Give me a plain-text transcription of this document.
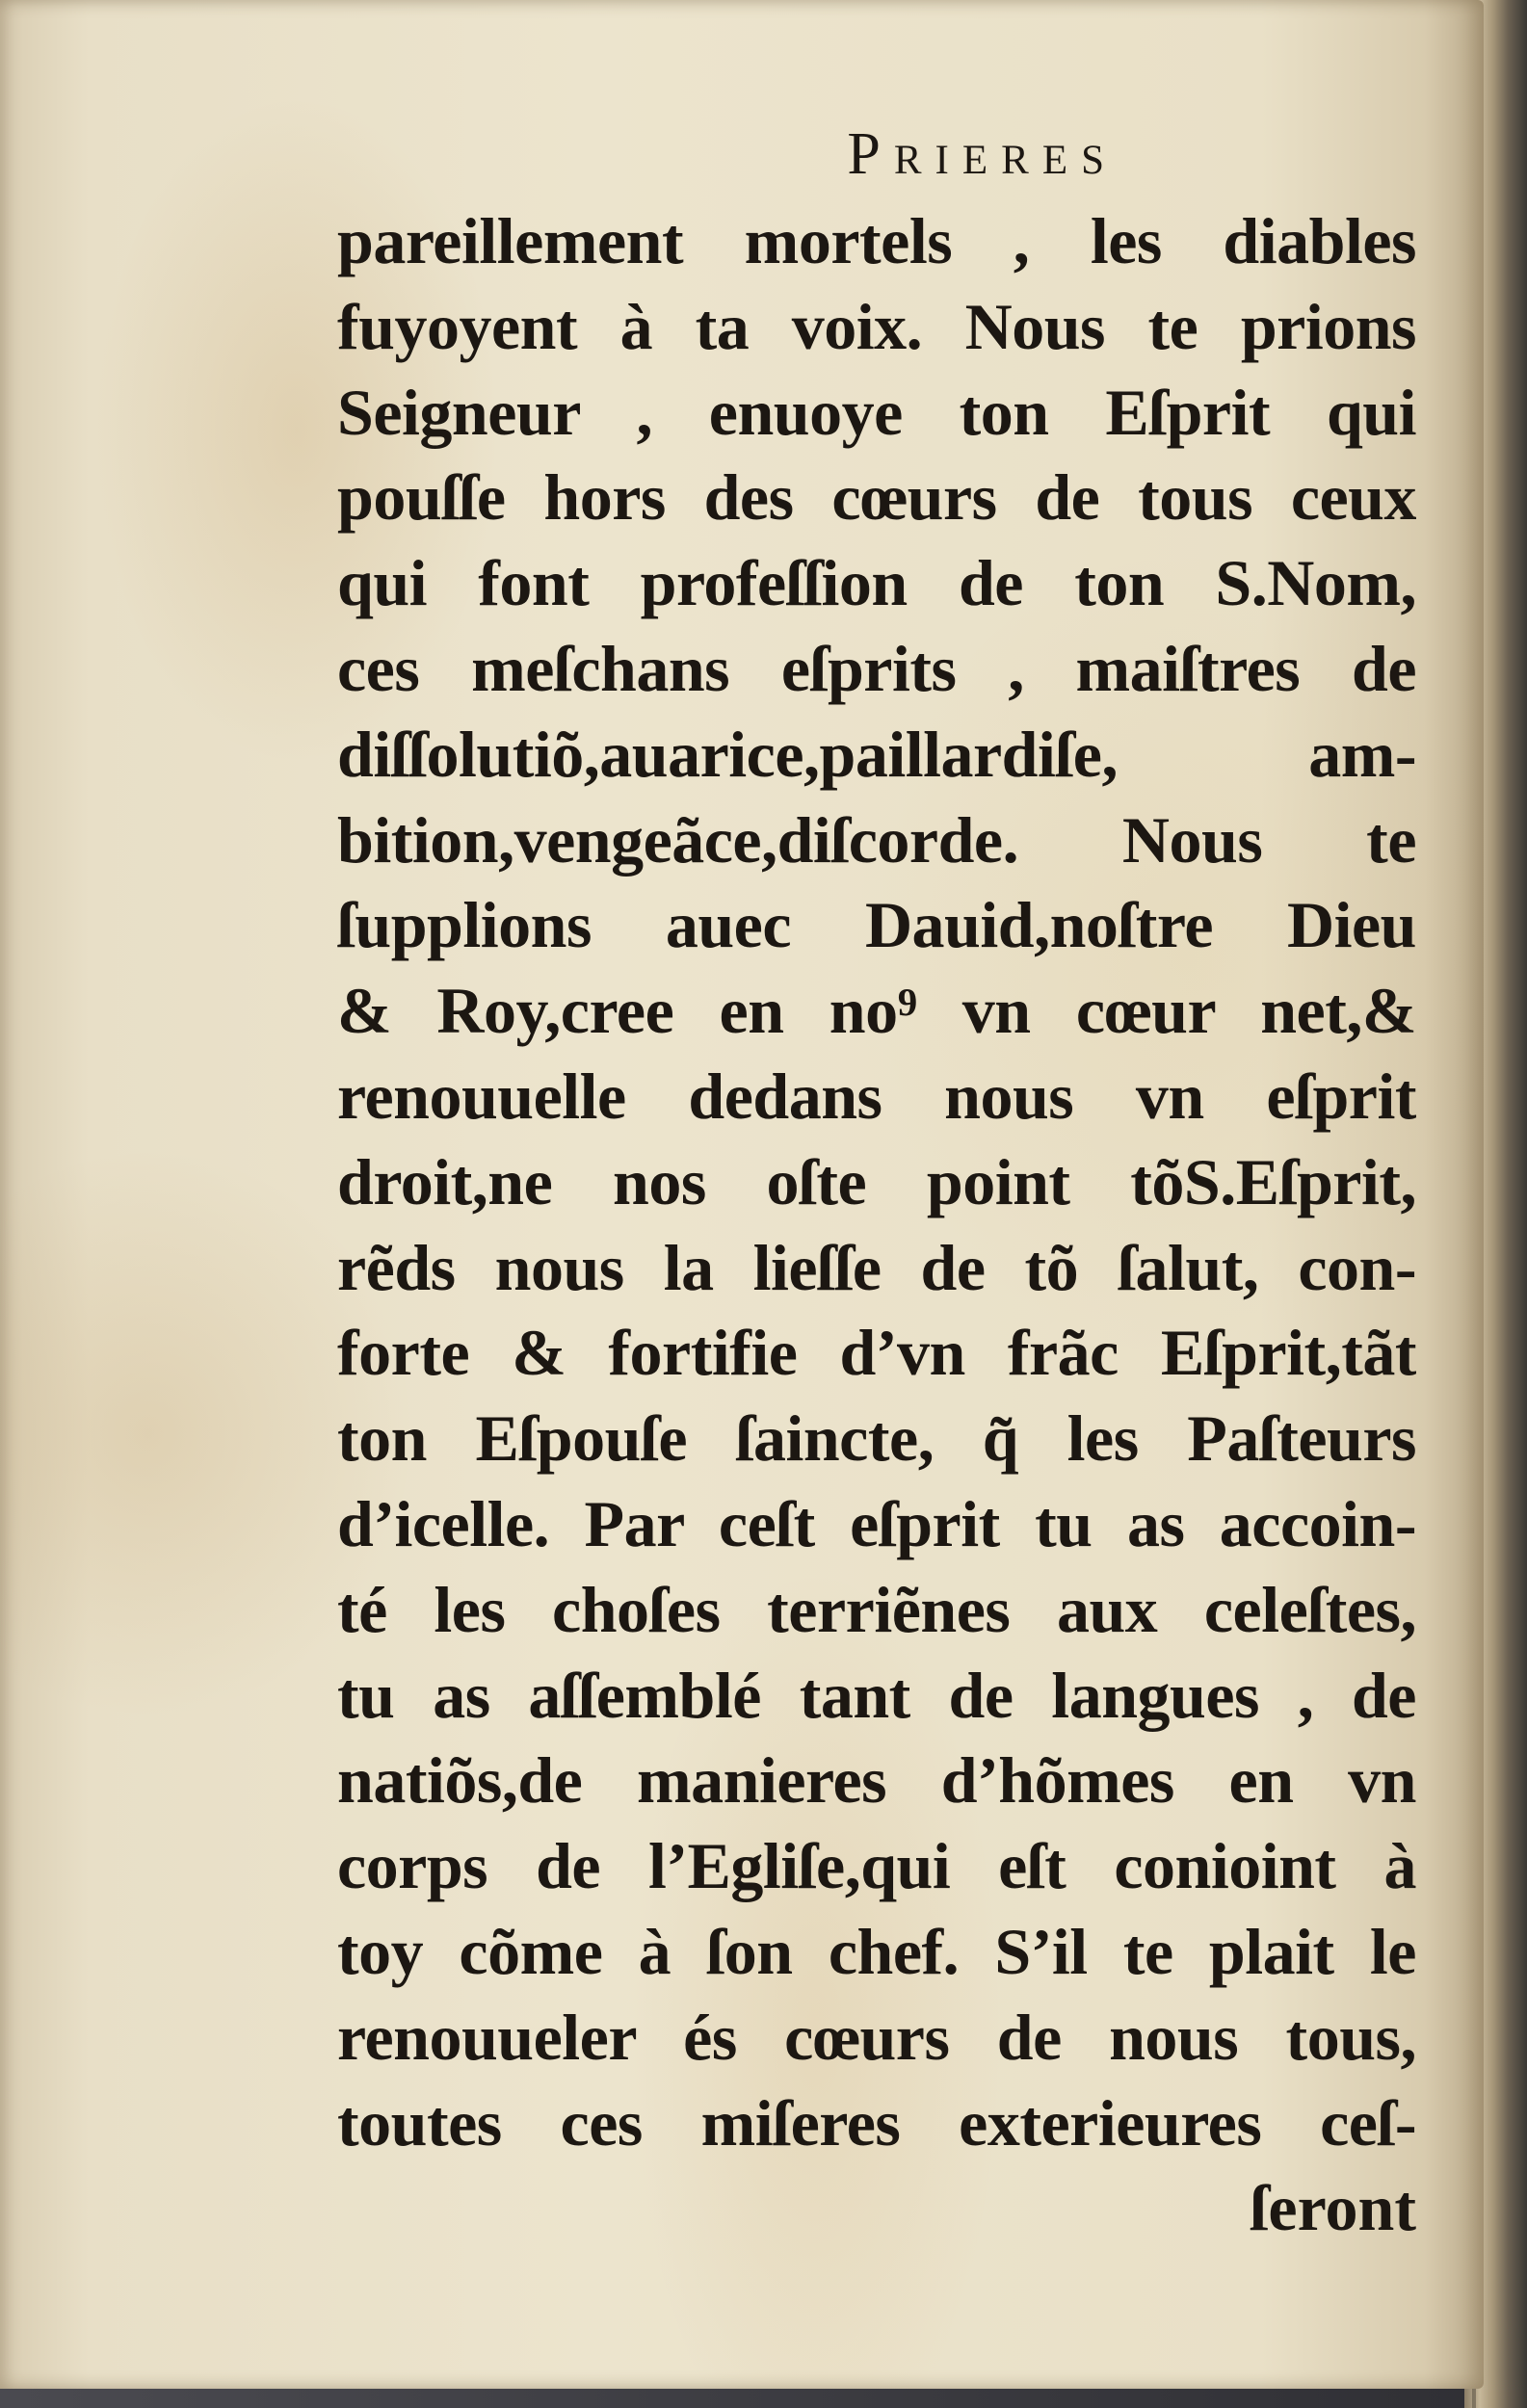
Prieres
pareillement mortels , les diables
fuyoyent à ta voix. Nous te prions
Seigneur , enuoye ton Eſprit qui
pouſſe hors des cœurs de tous ceux
qui font profeſſion de ton S.Nom,
ces meſchans eſprits , maiſtres de
diſſolutiõ,auarice,paillardiſe, am-
bition,vengeãce,diſcorde. Nous te
ſupplions auec Dauid,noſtre Dieu
& Roy,cree en no⁹ vn cœur net,&
renouuelle dedans nous vn eſprit
droit,ne nos oſte point tõS.Eſprit,
rẽds nous la lieſſe de tõ ſalut, con-
forte & fortifie d’vn frãc Eſprit,tãt
ton Eſpouſe ſaincte, q̃ les Paſteurs
d’icelle. Par ceſt eſprit tu as accoin-
té les choſes terriẽnes aux celeſtes,
tu as aſſemblé tant de langues , de
natiõs,de manieres d’hõmes en vn
corps de l’Egliſe,qui eſt conioint à
toy cõme à ſon chef. S’il te plait le
renouueler és cœurs de nous tous,
toutes ces miſeres exterieures ceſ-
ſeront
